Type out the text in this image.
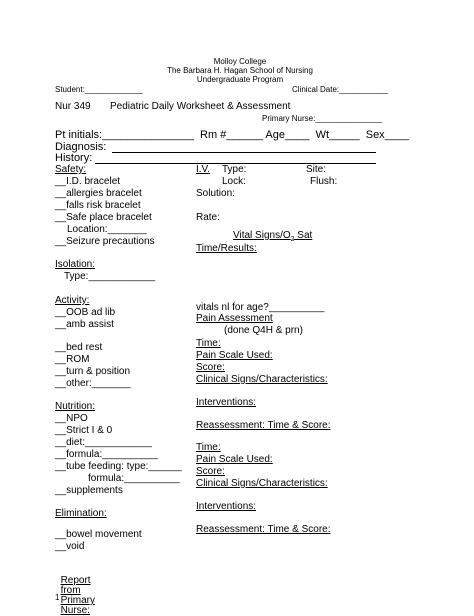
Molloy College
The Barbara H. Hagan School of Nursing
Undergraduate Program
Student:_____________	Clinical Date:___________
Nur 349 Pediatric Daily Worksheet & Assessment
Primary Nurse:_______________
Pt initials:_______________ Rm #______ Age____  Wt_____  Sex____
Diagnosis:
History:
Safety:
__I.D. bracelet
__allergies bracelet
__falls risk bracelet
__Safe place bracelet
Location:_______
__Seizure precautions
Isolation:
Type:____________
Activity:
__OOB ad lib
__amb assist
__bed rest
__ROM
__turn & position
__other:_______
Nutrition:
__NPO
__Strict I & 0
__diet:____________
__formula:__________
__tube feeding: type:______
formula:__________
__supplements
Elimination:
__bowel movement
__void

Report
from
Primary
Nurse:

I.V. Type:	Site:
Lock:	Flush:
Solution:
Rate:
Vital Signs/$O_2$ Sat
Time/Results:
vitals nl for age?__________
Pain Assessment
(done Q4H & prn)
Time:
Pain Scale Used:
Score:
Clinical Signs/Characteristics:
Interventions:
Reassessment: Time & Score:
Time:
Pain Scale Used:
Score:
Clinical Signs/Characteristics:
Interventions:
Reassessment: Time & Score:
1
